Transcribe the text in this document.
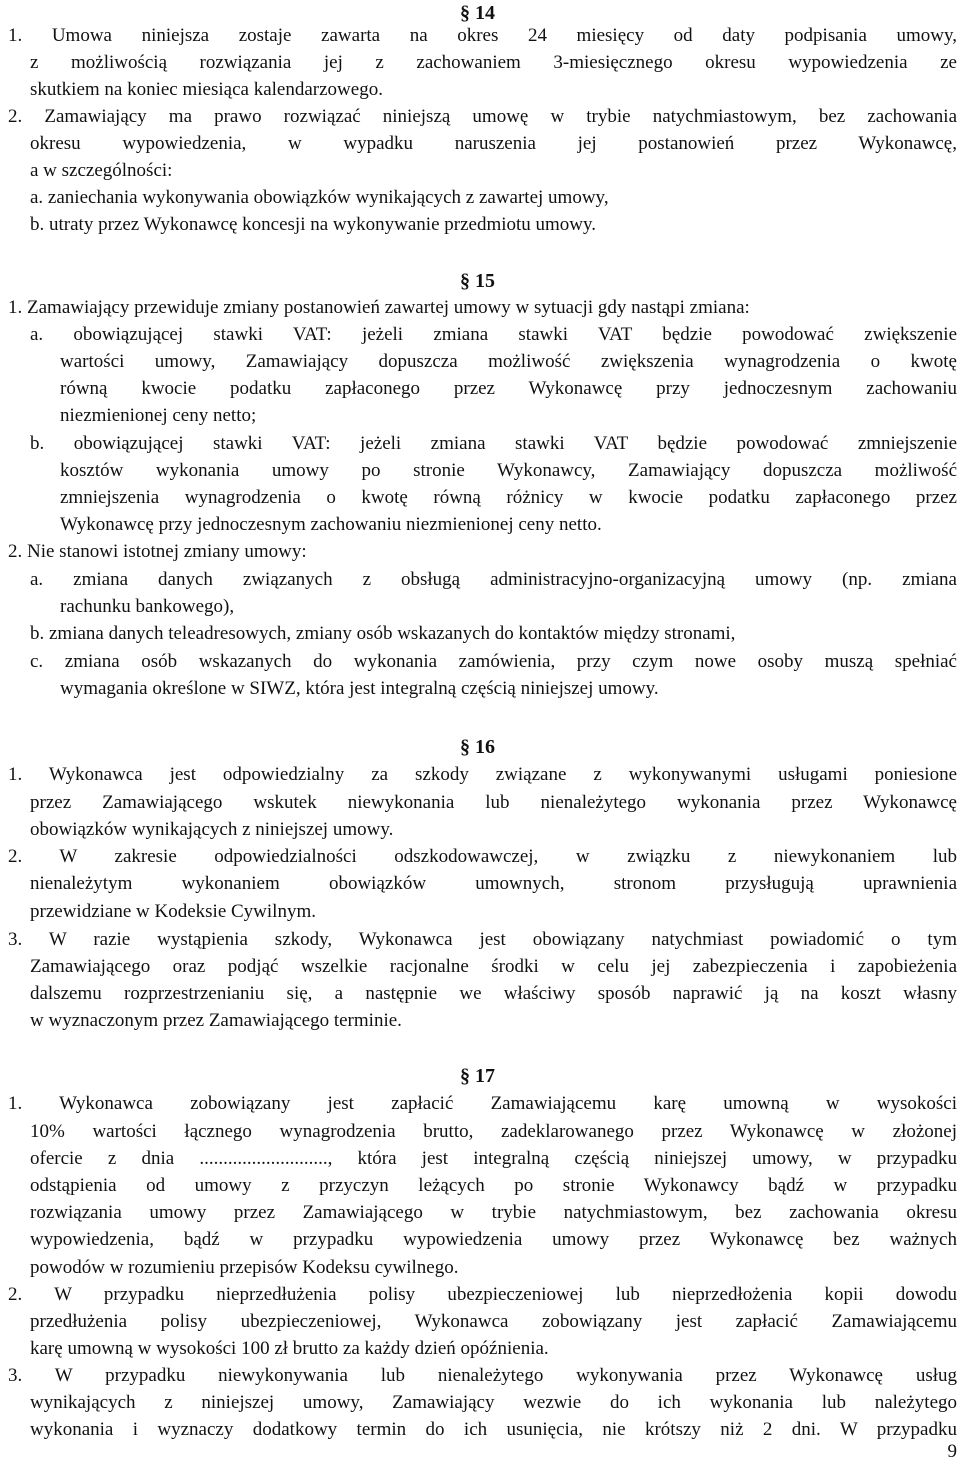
§ 14
1. Umowa niniejsza zostaje zawarta na okres 24 miesięcy od daty podpisania umowy,
z możliwością rozwiązania jej z zachowaniem 3-miesięcznego okresu wypowiedzenia ze
skutkiem na koniec miesiąca kalendarzowego.
2. Zamawiający ma prawo rozwiązać niniejszą umowę w trybie natychmiastowym, bez zachowania
okresu wypowiedzenia, w wypadku naruszenia jej postanowień przez Wykonawcę,
a w szczególności:
a. zaniechania wykonywania obowiązków wynikających z zawartej umowy,
b. utraty przez Wykonawcę koncesji na wykonywanie przedmiotu umowy.
§ 15
1. Zamawiający przewiduje zmiany postanowień zawartej umowy w sytuacji gdy nastąpi zmiana:
a. obowiązującej stawki VAT: jeżeli zmiana stawki VAT będzie powodować zwiększenie
wartości umowy, Zamawiający dopuszcza możliwość zwiększenia wynagrodzenia o kwotę
równą kwocie podatku zapłaconego przez Wykonawcę przy jednoczesnym zachowaniu
niezmienionej ceny netto;
b. obowiązującej stawki VAT: jeżeli zmiana stawki VAT będzie powodować zmniejszenie
kosztów wykonania umowy po stronie Wykonawcy, Zamawiający dopuszcza możliwość
zmniejszenia wynagrodzenia o kwotę równą różnicy w kwocie podatku zapłaconego przez
Wykonawcę przy jednoczesnym zachowaniu niezmienionej ceny netto.
2. Nie stanowi istotnej zmiany umowy:
a. zmiana danych związanych z obsługą administracyjno-organizacyjną umowy (np. zmiana
rachunku bankowego),
b. zmiana danych teleadresowych, zmiany osób wskazanych do kontaktów między stronami,
c. zmiana osób wskazanych do wykonania zamówienia, przy czym nowe osoby muszą spełniać
wymagania określone w SIWZ, która jest integralną częścią niniejszej umowy.
§ 16
1. Wykonawca jest odpowiedzialny za szkody związane z wykonywanymi usługami poniesione
przez Zamawiającego wskutek niewykonania lub nienależytego wykonania przez Wykonawcę
obowiązków wynikających z niniejszej umowy.
2. W zakresie odpowiedzialności odszkodowawczej, w związku z niewykonaniem lub
nienależytym wykonaniem obowiązków umownych, stronom przysługują uprawnienia
przewidziane w Kodeksie Cywilnym.
3. W razie wystąpienia szkody, Wykonawca jest obowiązany natychmiast powiadomić o tym
Zamawiającego oraz podjąć wszelkie racjonalne środki w celu jej zabezpieczenia i zapobieżenia
dalszemu rozprzestrzenianiu się, a następnie we właściwy sposób naprawić ją na koszt własny
w wyznaczonym przez Zamawiającego terminie.
§ 17
1. Wykonawca zobowiązany jest zapłacić Zamawiającemu karę umowną w wysokości
10% wartości łącznego wynagrodzenia brutto, zadeklarowanego przez Wykonawcę w złożonej
ofercie z dnia ..........................., która jest integralną częścią niniejszej umowy, w przypadku
odstąpienia od umowy z przyczyn leżących po stronie Wykonawcy bądź w przypadku
rozwiązania umowy przez Zamawiającego w trybie natychmiastowym, bez zachowania okresu
wypowiedzenia, bądź w przypadku wypowiedzenia umowy przez Wykonawcę bez ważnych
powodów w rozumieniu przepisów Kodeksu cywilnego.
2. W przypadku nieprzedłużenia polisy ubezpieczeniowej lub nieprzedłożenia kopii dowodu
przedłużenia polisy ubezpieczeniowej, Wykonawca zobowiązany jest zapłacić Zamawiającemu
karę umowną w wysokości 100 zł brutto za każdy dzień opóźnienia.
3. W przypadku niewykonywania lub nienależytego wykonywania przez Wykonawcę usług
wynikających z niniejszej umowy, Zamawiający wezwie do ich wykonania lub należytego
wykonania i wyznaczy dodatkowy termin do ich usunięcia, nie krótszy niż 2 dni. W przypadku
9
